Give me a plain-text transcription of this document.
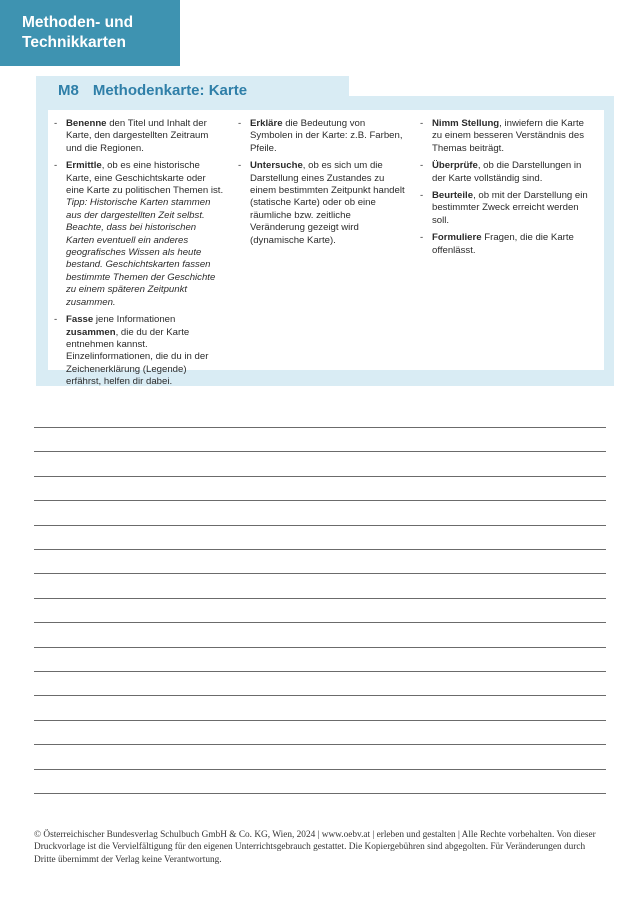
Methoden- und
Technikkarten
M8 Methodenkarte: Karte
- Benenne den Titel und Inhalt der Karte, den dargestellten Zeitraum und die Regionen.
- Ermittle, ob es eine historische Karte, eine Geschichtskarte oder eine Karte zu politischen Themen ist. Tipp: Historische Karten stammen aus der dargestellten Zeit selbst. Beachte, dass bei historischen Karten eventuell ein anderes geografisches Wissen als heute bestand. Geschichtskarten fassen bestimmte Themen der Geschichte zu einem späteren Zeitpunkt zusammen.
- Fasse jene Informationen zusammen, die du der Karte entnehmen kannst. Einzelinformationen, die du in der Zeichenerklärung (Legende) erfährst, helfen dir dabei.
- Erkläre die Bedeutung von Symbolen in der Karte: z.B. Farben, Pfeile.
- Untersuche, ob es sich um die Darstellung eines Zustandes zu einem bestimmten Zeitpunkt handelt (statische Karte) oder ob eine räumliche bzw. zeitliche Veränderung gezeigt wird (dynamische Karte).
- Nimm Stellung, inwiefern die Karte zu einem besseren Verständnis des Themas beiträgt.
- Überprüfe, ob die Darstellungen in der Karte vollständig sind.
- Beurteile, ob mit der Darstellung ein bestimmter Zweck erreicht werden soll.
- Formuliere Fragen, die die Karte offenlässt.
© Österreichischer Bundesverlag Schulbuch GmbH & Co. KG, Wien, 2024 | www.oebv.at | erleben und gestalten | Alle Rechte vorbehalten. Von dieser Druckvorlage ist die Vervielfältigung für den eigenen Unterrichtsgebrauch gestattet. Die Kopiergebühren sind abgegolten. Für Veränderungen durch Dritte übernimmt der Verlag keine Verantwortung.
